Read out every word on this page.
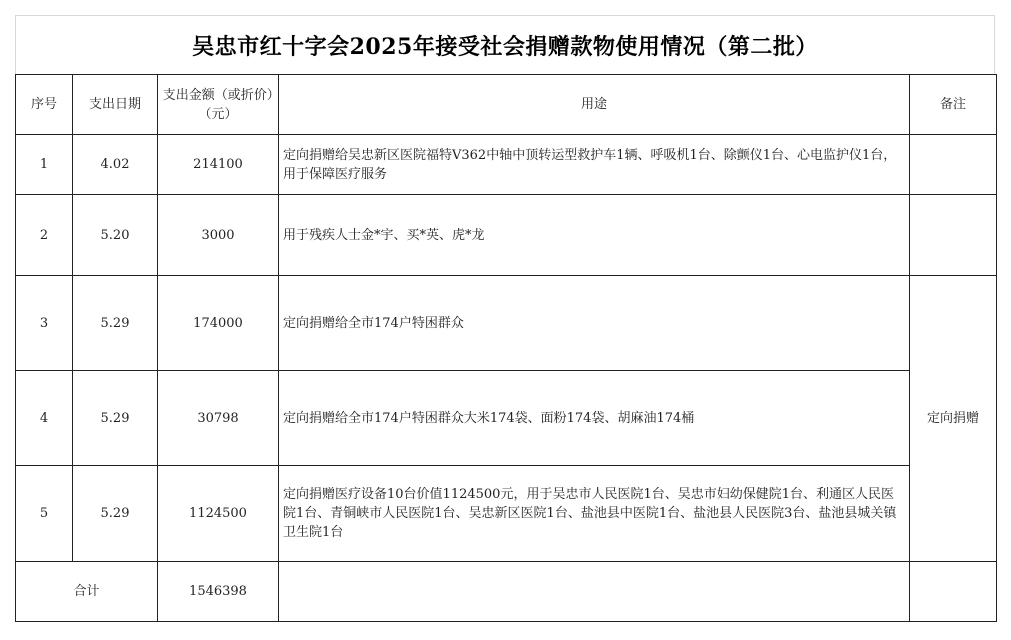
吴忠市红十字会2025年接受社会捐赠款物使用情况（第二批）
序号	支出日期	支出金额（或折价）（元）	用途	备注
1	4.02	214100	定向捐赠给吴忠新区医院福特V362中轴中顶转运型救护车1辆、呼吸机1台、除颤仪1台、心电监护仪1台，用于保障医疗服务	
2	5.20	3000	用于残疾人士金*宇、买*英、虎*龙	
3	5.29	174000	定向捐赠给全市174户特困群众	定向捐赠
4	5.29	30798	定向捐赠给全市174户特困群众大米174袋、面粉174袋、胡麻油174桶	
5	5.29	1124500	定向捐赠医疗设备10台价值1124500元，用于吴忠市人民医院1台、吴忠市妇幼保健院1台、利通区人民医院1台、青铜峡市人民医院1台、吴忠新区医院1台、盐池县中医院1台、盐池县人民医院3台、盐池县城关镇卫生院1台	
合计		1546398		
